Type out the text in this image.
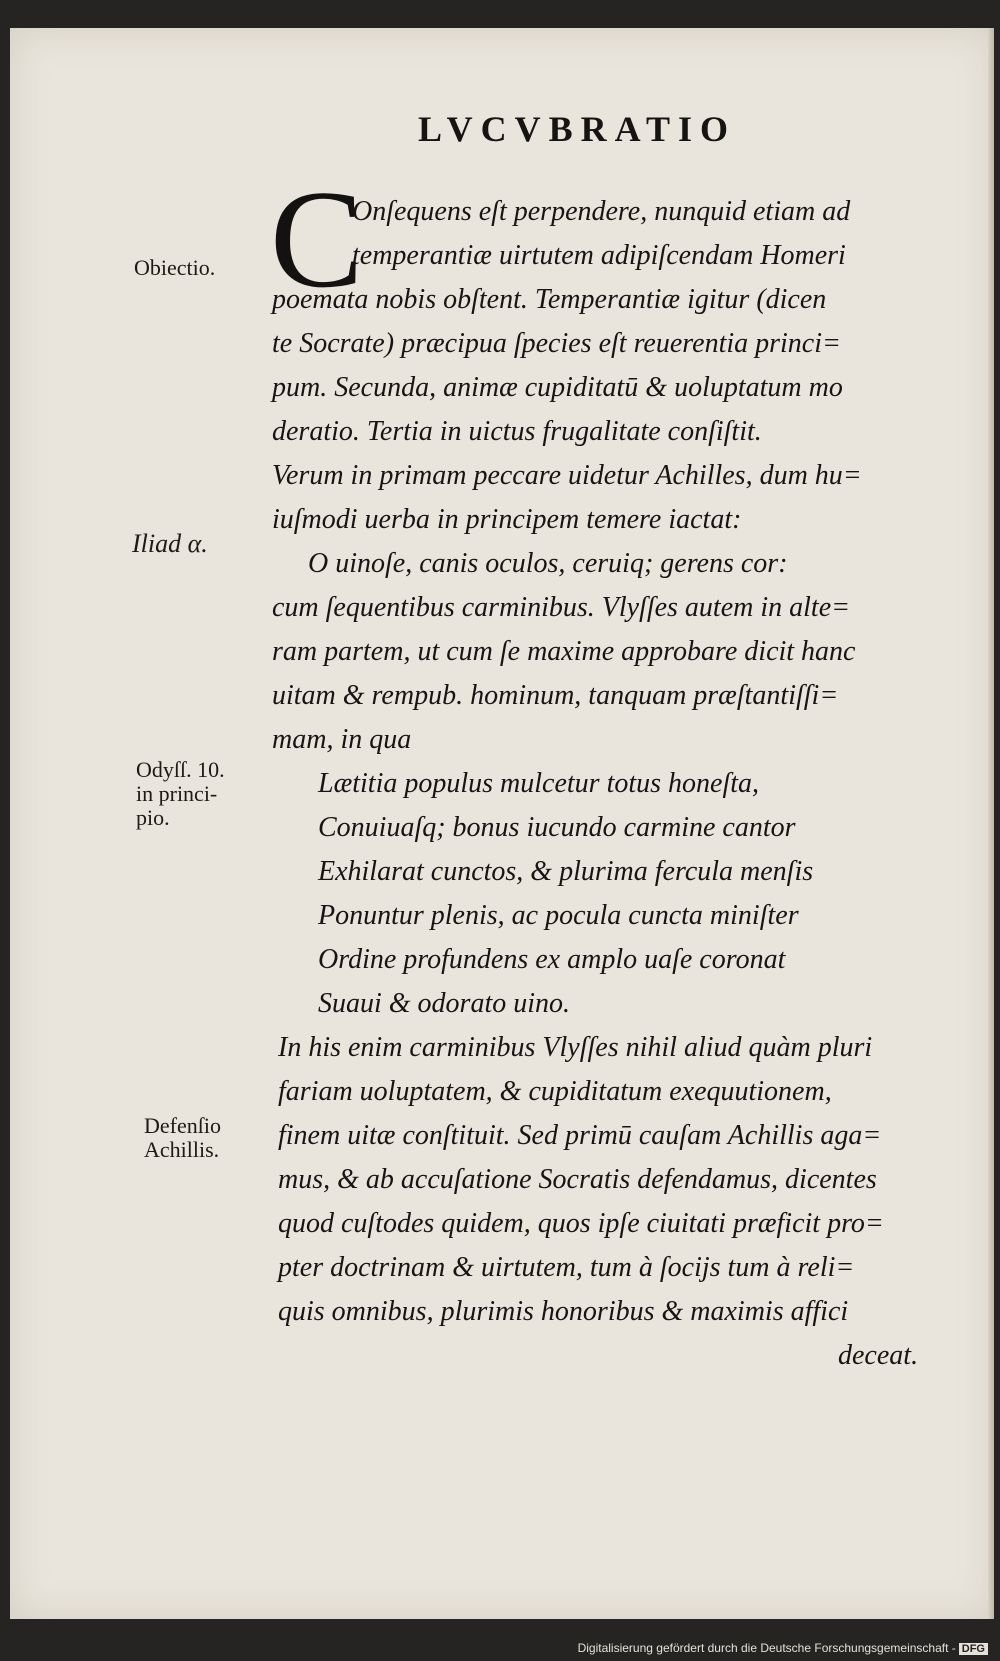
LVCVBRATIO
C
Onſequens eſt perpendere, nunquid etiam ad
temperantiæ uirtutem adipiſcendam Homeri
poemata nobis obſtent. Temperantiæ igitur (dicen
te Socrate) præcipua ſpecies eſt reuerentia princi=
pum. Secunda, animæ cupiditatū & uoluptatum mo
deratio. Tertia in uictus frugalitate conſiſtit.
Verum in primam peccare uidetur Achilles, dum hu=
iuſmodi uerba in principem temere iactat:
O uinoſe, canis oculos, ceruiq; gerens cor:
cum ſequentibus carminibus. Vlyſſes autem in alte=
ram partem, ut cum ſe maxime approbare dicit hanc
uitam & rempub. hominum, tanquam præſtantiſſi=
mam, in qua
Lætitia populus mulcetur totus honeſta,
Conuiuaſq; bonus iucundo carmine cantor
Exhilarat cunctos, & plurima fercula menſis
Ponuntur plenis, ac pocula cuncta miniſter
Ordine profundens ex amplo uaſe coronat
Suaui & odorato uino.
In his enim carminibus Vlyſſes nihil aliud quàm pluri
fariam uoluptatem, & cupiditatum exequutionem,
finem uitæ conſtituit. Sed primū cauſam Achillis aga=
mus, & ab accuſatione Socratis defendamus, dicentes
quod cuſtodes quidem, quos ipſe ciuitati præficit pro=
pter doctrinam & uirtutem, tum à ſocijs tum à reli=
quis omnibus, plurimis honoribus & maximis affici
deceat.
Obiectio.
Iliad α.
Odyſſ. 10.
in princi-
pio.
Defenſio
Achillis.
Digitalisierung gefördert durch die Deutsche Forschungsgemeinschaft - DFG
